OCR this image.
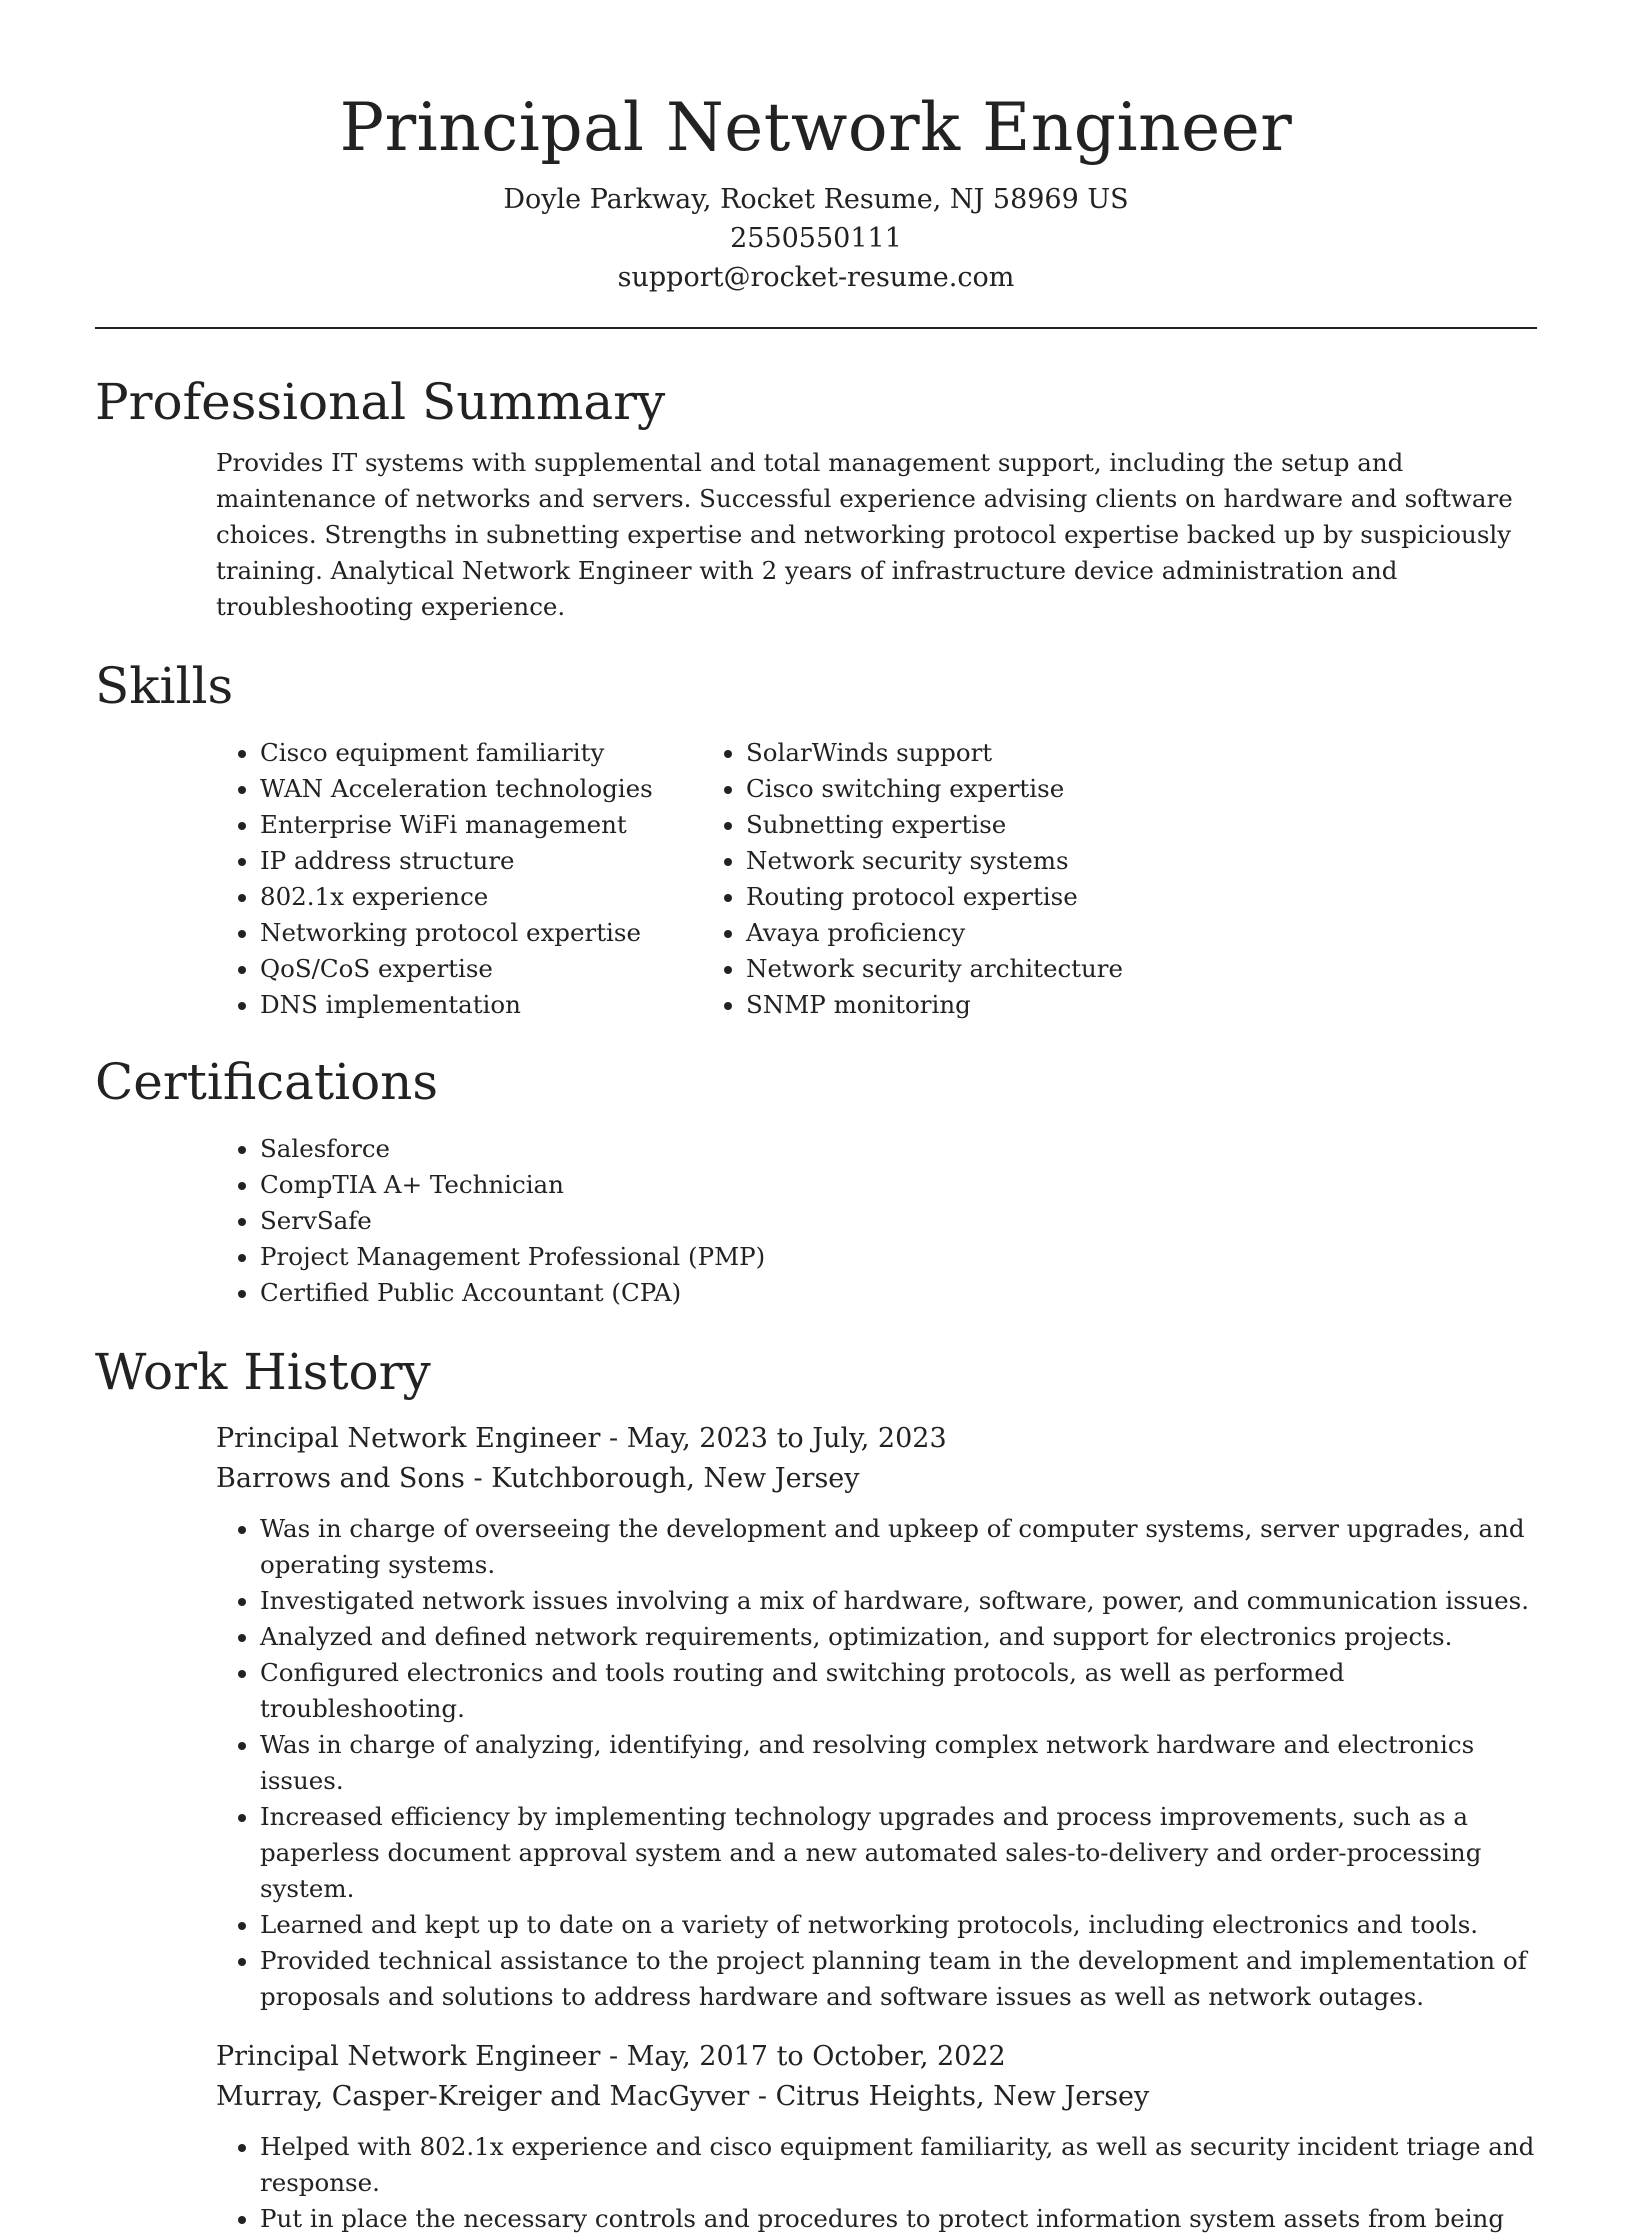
Principal Network Engineer

Doyle Parkway, Rocket Resume, NJ 58969 US

2550550111

support@rocket-resume.com

Professional Summary

Provides IT systems with supplemental and total management support, including the setup and maintenance of networks and servers. Successful experience advising clients on hardware and software choices. Strengths in subnetting expertise and networking protocol expertise backed up by suspiciously training. Analytical Network Engineer with 2 years of infrastructure device administration and troubleshooting experience.

Skills
• Cisco equipment familiarity
• WAN Acceleration technologies
• Enterprise WiFi management
• IP address structure
• 802.1x experience
• Networking protocol expertise
• QoS/CoS expertise
• DNS implementation
• SolarWinds support
• Cisco switching expertise
• Subnetting expertise
• Network security systems
• Routing protocol expertise
• Avaya proficiency
• Network security architecture
• SNMP monitoring
Certifications
• Salesforce
• CompTIA A+ Technician
• ServSafe
• Project Management Professional (PMP)
• Certified Public Accountant (CPA)
Work History

Principal Network Engineer - May, 2023 to July, 2023

Barrows and Sons - Kutchborough, New Jersey

• Was in charge of overseeing the development and upkeep of computer systems, server upgrades, and operating systems.
• Investigated network issues involving a mix of hardware, software, power, and communication issues.
• Analyzed and defined network requirements, optimization, and support for electronics projects.
• Configured electronics and tools routing and switching protocols, as well as performed troubleshooting.
• Was in charge of analyzing, identifying, and resolving complex network hardware and electronics issues.
• Increased efficiency by implementing technology upgrades and process improvements, such as a paperless document approval system and a new automated sales-to-delivery and order-processing system.
• Learned and kept up to date on a variety of networking protocols, including electronics and tools.
• Provided technical assistance to the project planning team in the development and implementation of proposals and solutions to address hardware and software issues as well as network outages.

Principal Network Engineer - May, 2017 to October, 2022

Murray, Casper-Kreiger and MacGyver - Citrus Heights, New Jersey

• Helped with 802.1x experience and cisco equipment familiarity, as well as security incident triage and response.
• Put in place the necessary controls and procedures to protect information system assets from being
